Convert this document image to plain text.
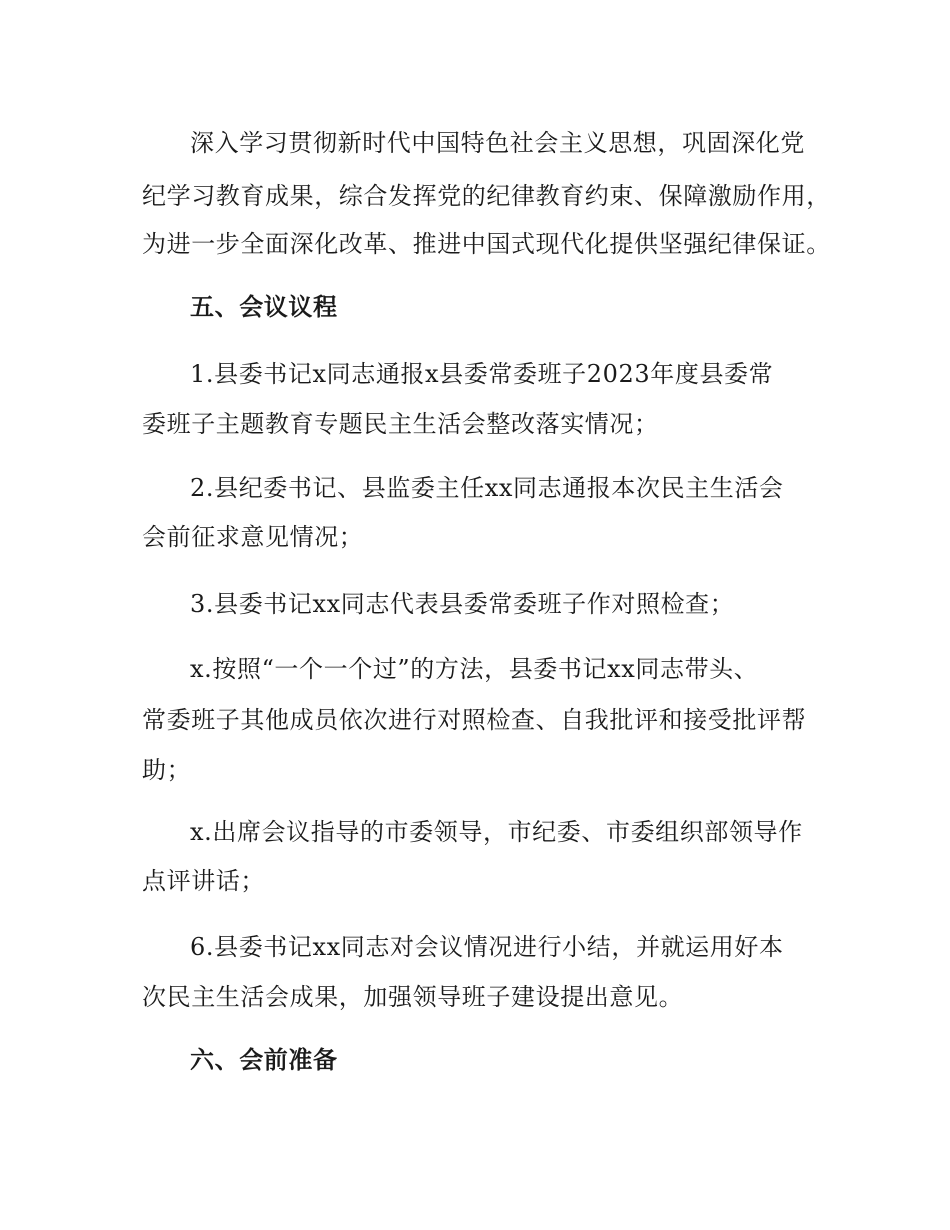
深入学习贯彻新时代中国特色社会主义思想，巩固深化党
纪学习教育成果，综合发挥党的纪律教育约束、保障激励作用，
为进一步全面深化改革、推进中国式现代化提供坚强纪律保证。
五、会议议程
1.县委书记x同志通报x县委常委班子2023年度县委常
委班子主题教育专题民主生活会整改落实情况；
2.县纪委书记、县监委主任xx同志通报本次民主生活会
会前征求意见情况；
3.县委书记xx同志代表县委常委班子作对照检查；
x.按照“一个一个过”的方法，县委书记xx同志带头、
常委班子其他成员依次进行对照检查、自我批评和接受批评帮
助；
x.出席会议指导的市委领导，市纪委、市委组织部领导作
点评讲话；
6.县委书记xx同志对会议情况进行小结，并就运用好本
次民主生活会成果，加强领导班子建设提出意见。
六、会前准备
